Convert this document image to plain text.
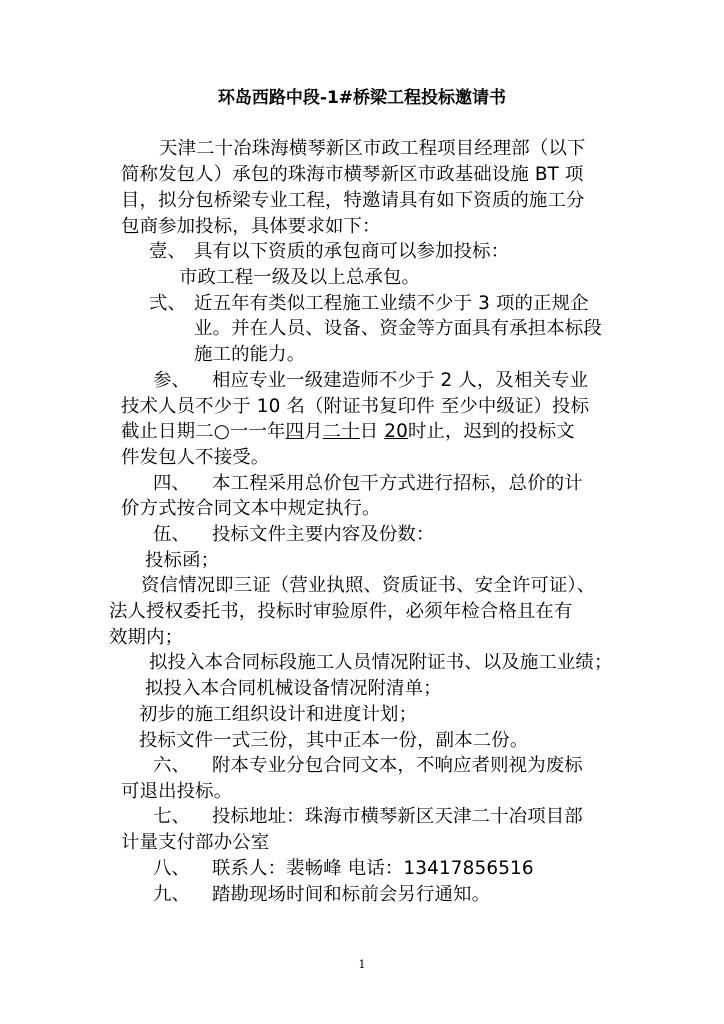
环岛西路中段-1#桥梁工程投标邀请书
天津二十冶珠海横琴新区市政工程项目经理部（以下
简称发包人）承包的珠海市横琴新区市政基础设施 BT 项
目，拟分包桥梁专业工程，特邀请具有如下资质的施工分
包商参加投标，具体要求如下：
壹、 具有以下资质的承包商可以参加投标：
市政工程一级及以上总承包。
弍、 近五年有类似工程施工业绩不少于 3 项的正规企
业。并在人员、设备、资金等方面具有承担本标段
施工的能力。
参、 相应专业一级建造师不少于 2 人，及相关专业
技术人员不少于 10 名（附证书复印件 至少中级证）投标
截止日期二○一一年四月二十日 20时止，迟到的投标文
件发包人不接受。
四、 本工程采用总价包干方式进行招标，总价的计
价方式按合同文本中规定执行。
伍、 投标文件主要内容及份数：
投标函；
资信情况即三证（营业执照、资质证书、安全许可证）、
法人授权委托书，投标时审验原件，必须年检合格且在有
效期内；
拟投入本合同标段施工人员情况附证书、以及施工业绩；
拟投入本合同机械设备情况附清单；
初步的施工组织设计和进度计划；
投标文件一式三份，其中正本一份，副本二份。
六、 附本专业分包合同文本，不响应者则视为废标
可退出投标。
七、 投标地址：珠海市横琴新区天津二十冶项目部
计量支付部办公室
八、 联系人：裴畅峰 电话：13417856516
九、 踏勘现场时间和标前会另行通知。
1
